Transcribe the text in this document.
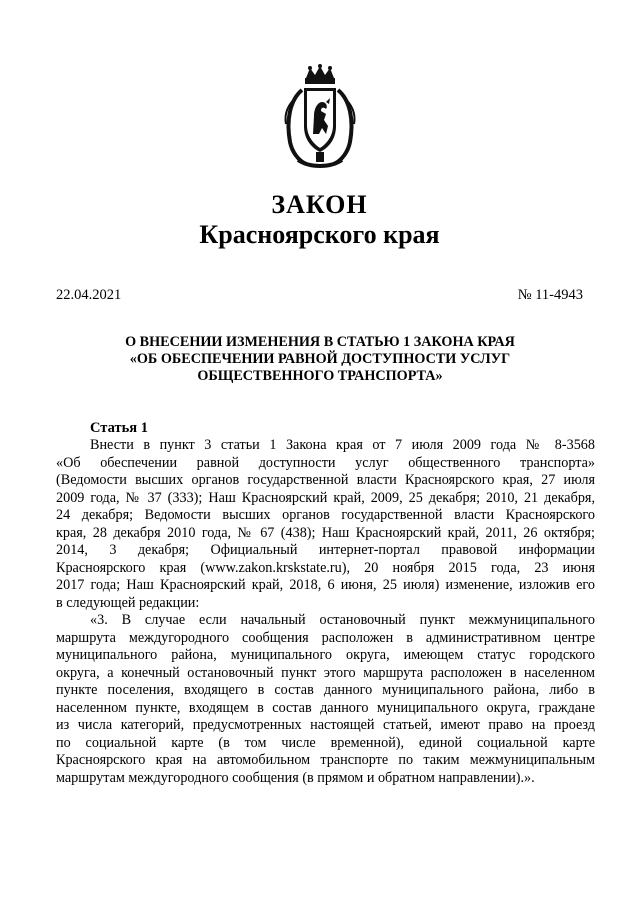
ЗАКОН
Красноярского края
22.04.2021	№ 11-4943
О ВНЕСЕНИИ ИЗМЕНЕНИЯ В СТАТЬЮ 1 ЗАКОНА КРАЯ
«ОБ ОБЕСПЕЧЕНИИ РАВНОЙ ДОСТУПНОСТИ УСЛУГ
ОБЩЕСТВЕННОГО ТРАНСПОРТА»
Статья 1
Внести в пункт 3 статьи 1 Закона края от 7 июля 2009 года № 8-3568
«Об обеспечении равной доступности услуг общественного транспорта»
(Ведомости высших органов государственной власти Красноярского края, 27 июля
2009 года, № 37 (333); Наш Красноярский край, 2009, 25 декабря; 2010, 21 декабря,
24 декабря; Ведомости высших органов государственной власти Красноярского
края, 28 декабря 2010 года, № 67 (438); Наш Красноярский край, 2011, 26 октября;
2014, 3 декабря; Официальный интернет-портал правовой информации
Красноярского края (www.zakon.krskstate.ru), 20 ноября 2015 года, 23 июня
2017 года; Наш Красноярский край, 2018, 6 июня, 25 июля) изменение, изложив его
в следующей редакции:
«3. В случае если начальный остановочный пункт межмуниципального
маршрута междугородного сообщения расположен в административном центре
муниципального района, муниципального округа, имеющем статус городского
округа, а конечный остановочный пункт этого маршрута расположен в населенном
пункте поселения, входящего в состав данного муниципального района, либо в
населенном пункте, входящем в состав данного муниципального округа, граждане
из числа категорий, предусмотренных настоящей статьей, имеют право на проезд
по социальной карте (в том числе временной), единой социальной карте
Красноярского края на автомобильном транспорте по таким межмуниципальным
маршрутам междугородного сообщения (в прямом и обратном направлении).».
